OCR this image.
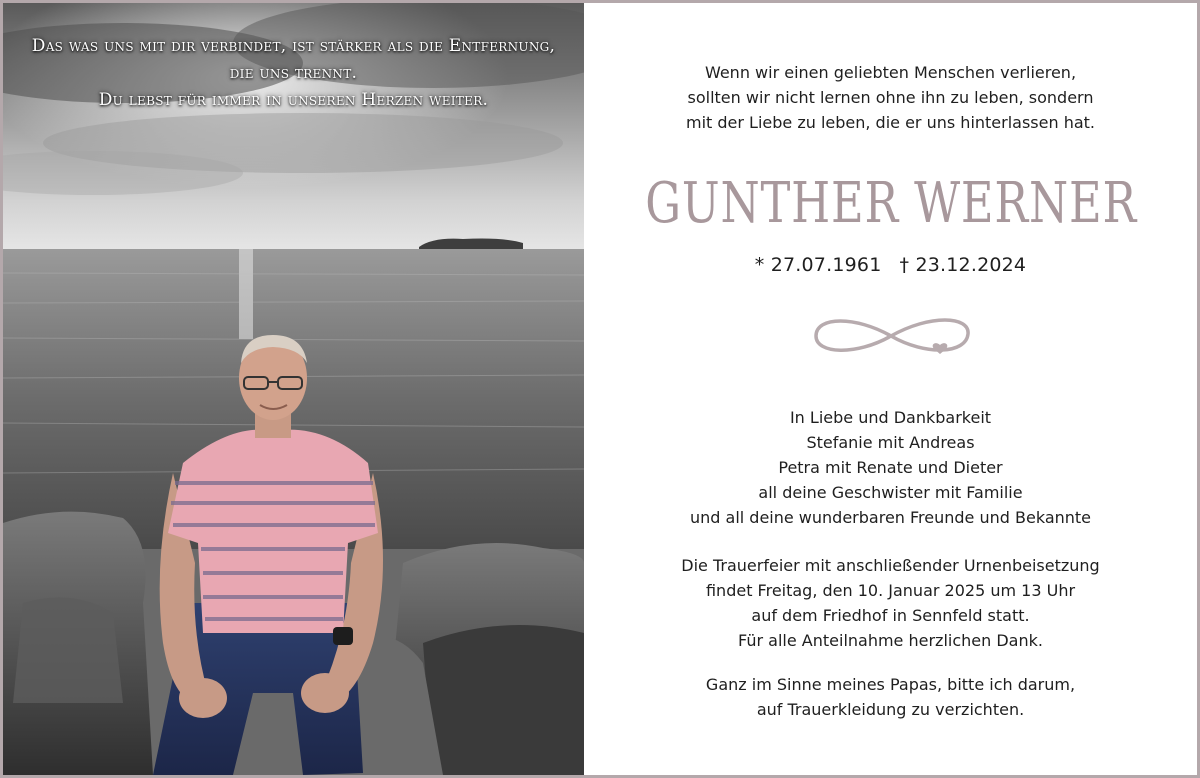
Das was uns mit dir verbindet, ist stärker als die Entfernung,
die uns trennt.
Du lebst für immer in unseren Herzen weiter.
Wenn wir einen geliebten Menschen verlieren,
sollten wir nicht lernen ohne ihn zu leben, sondern
mit der Liebe zu leben, die er uns hinterlassen hat.
GUNTHER WERNER
* 27.07.1961 † 23.12.2024
In Liebe und Dankbarkeit
Stefanie mit Andreas
Petra mit Renate und Dieter
all deine Geschwister mit Familie
und all deine wunderbaren Freunde und Bekannte
Die Trauerfeier mit anschließender Urnenbeisetzung
findet Freitag, den 10. Januar 2025 um 13 Uhr
auf dem Friedhof in Sennfeld statt.
Für alle Anteilnahme herzlichen Dank.
Ganz im Sinne meines Papas, bitte ich darum,
auf Trauerkleidung zu verzichten.
